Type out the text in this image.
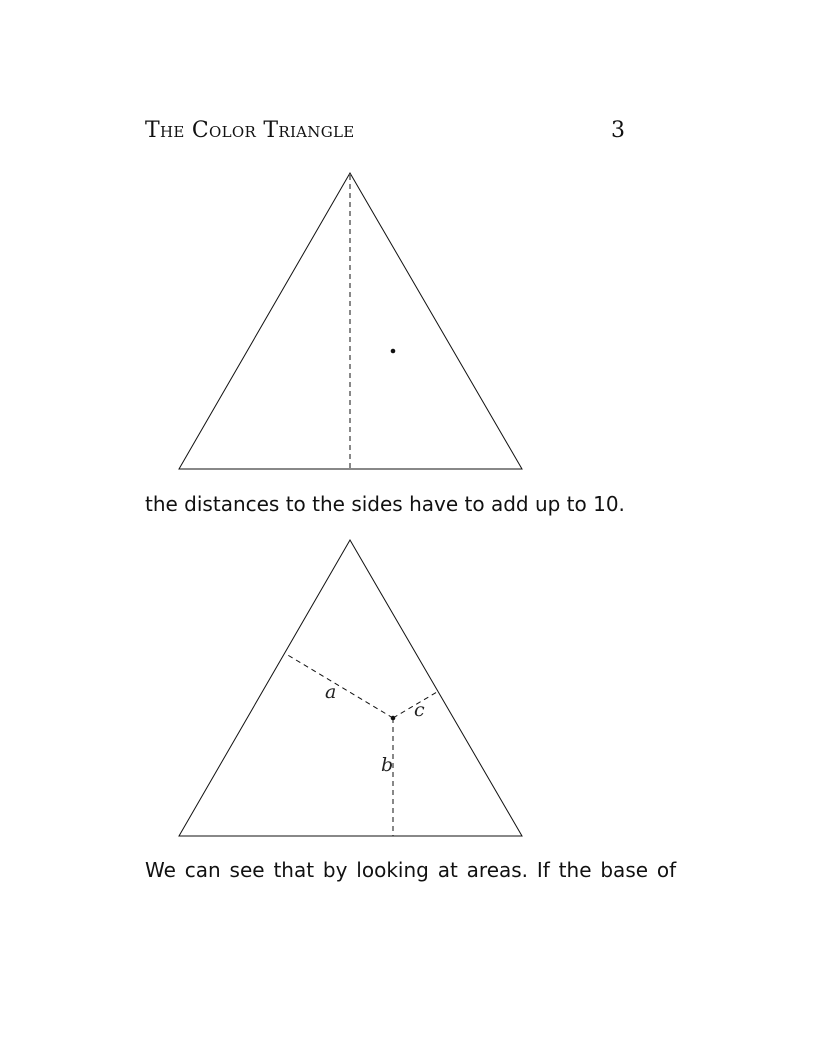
The Color Triangle	3
the distances to the sides have to add up to 10.
a
c
b
We can see that by looking at areas. If the base of
